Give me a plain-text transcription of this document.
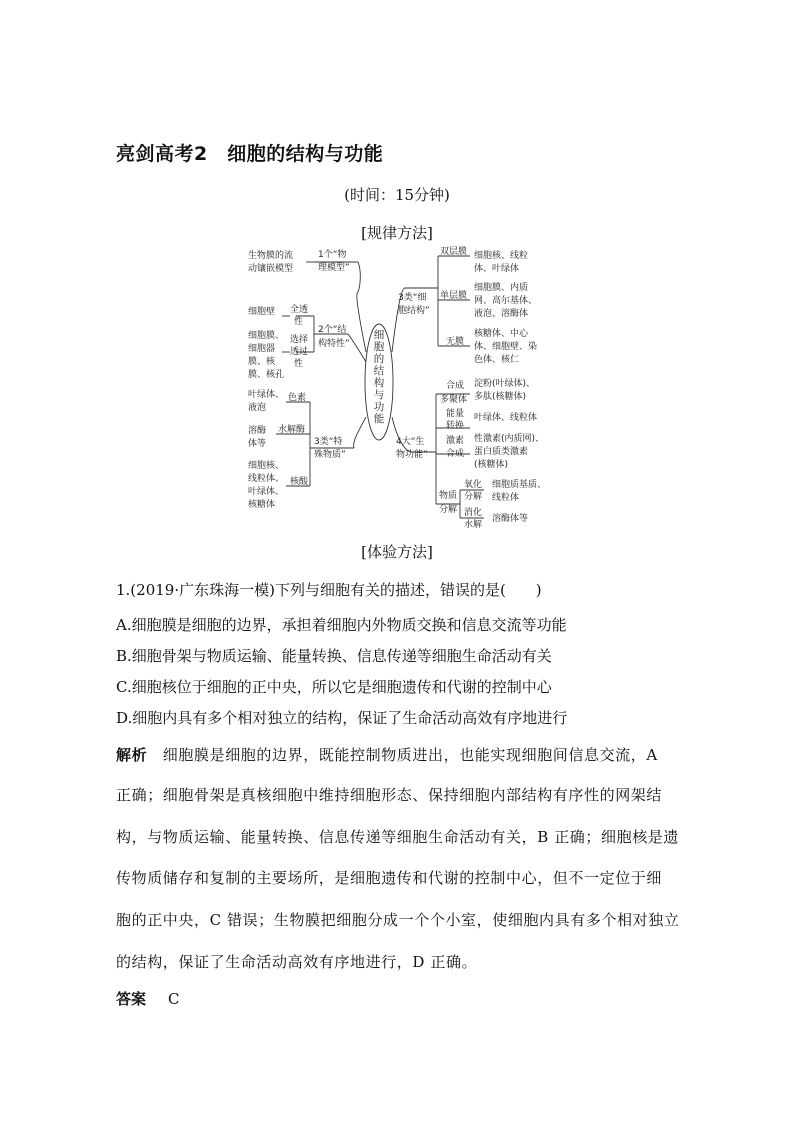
亮剑高考2　细胞的结构与功能
(时间：15分钟)
[规律方法]
细
胞
的
结
构
与
功
能
1个“物
理模型”
生物膜的流
动镶嵌模型
2个“结
构特性”
全透
性
细胞壁
选择
透过
性
细胞膜、
细胞器
膜、核
膜、核孔
3类“特
殊物质”
色素
叶绿体、
液泡
水解酶
溶酶
体等
核酸
细胞核、
线粒体、
叶绿体、
核糖体
3类“细
胞结构”
双层膜 细胞核、线粒
体、叶绿体
单层膜
细胞膜、内质
网、高尔基体、
液泡、溶酶体
无膜
核糖体、中心
体、细胞壁、染
色体、核仁
4大“生
物功能”
合成
多聚体
淀粉(叶绿体)、
多肽(核糖体)
能量
转换
叶绿体、线粒体
激素
合成
性激素(内质网)、
蛋白质类激素
(核糖体)
物质
分解
氧化
分解
细胞质基质、
线粒体
消化
水解
溶酶体等
[体验方法]
1.(2019·广东珠海一模)下列与细胞有关的描述，错误的是(　　)
A.细胞膜是细胞的边界，承担着细胞内外物质交换和信息交流等功能
B.细胞骨架与物质运输、能量转换、信息传递等细胞生命活动有关
C.细胞核位于细胞的正中央，所以它是细胞遗传和代谢的控制中心
D.细胞内具有多个相对独立的结构，保证了生命活动高效有序地进行
解析　细胞膜是细胞的边界，既能控制物质进出，也能实现细胞间信息交流，A
正确；细胞骨架是真核细胞中维持细胞形态、保持细胞内部结构有序性的网架结
构，与物质运输、能量转换、信息传递等细胞生命活动有关，B 正确；细胞核是遗
传物质储存和复制的主要场所，是细胞遗传和代谢的控制中心，但不一定位于细
胞的正中央，C 错误；生物膜把细胞分成一个个小室，使细胞内具有多个相对独立
的结构，保证了生命活动高效有序地进行，D 正确。
答案 C
